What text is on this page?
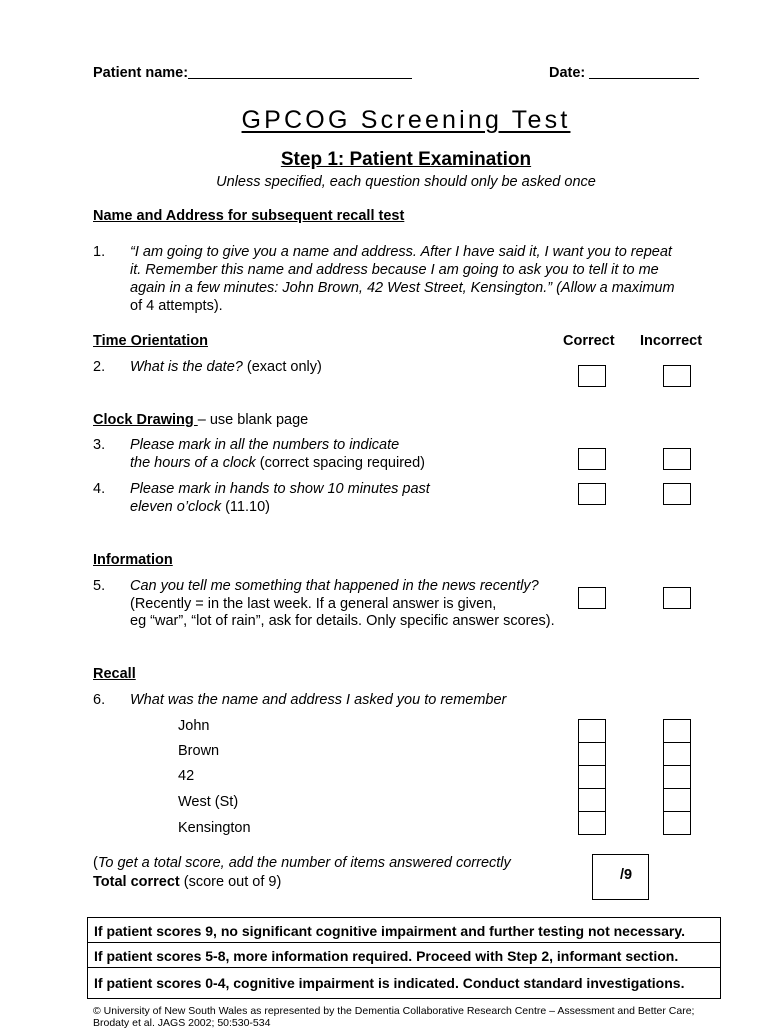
Patient name:	Date:
GPCOG Screening Test
Step 1: Patient Examination
Unless specified, each question should only be asked once
Name and Address for subsequent recall test
1. “I am going to give you a name and address. After I have said it, I want you to repeat
it. Remember this name and address because I am going to ask you to tell it to me
again in a few minutes: John Brown, 42 West Street, Kensington.” (Allow a maximum
of 4 attempts).
Time Orientation	Correct Incorrect
2. What is the date? (exact only)
Clock Drawing – use blank page
3. Please mark in all the numbers to indicate
the hours of a clock (correct spacing required)
4. Please mark in hands to show 10 minutes past
eleven o’clock (11.10)
Information
5. Can you tell me something that happened in the news recently?
(Recently = in the last week. If a general answer is given,
eg “war”, “lot of rain”, ask for details. Only specific answer scores).
Recall
6. What was the name and address I asked you to remember
John
Brown
42
West (St)
Kensington
(To get a total score, add the number of items answered correctly
Total correct (score out of 9)	/9
If patient scores 9, no significant cognitive impairment and further testing not necessary.
If patient scores 5-8, more information required. Proceed with Step 2, informant section.
If patient scores 0-4, cognitive impairment is indicated. Conduct standard investigations.
© University of New South Wales as represented by the Dementia Collaborative Research Centre – Assessment and Better Care;
Brodaty et al. JAGS 2002; 50:530-534
